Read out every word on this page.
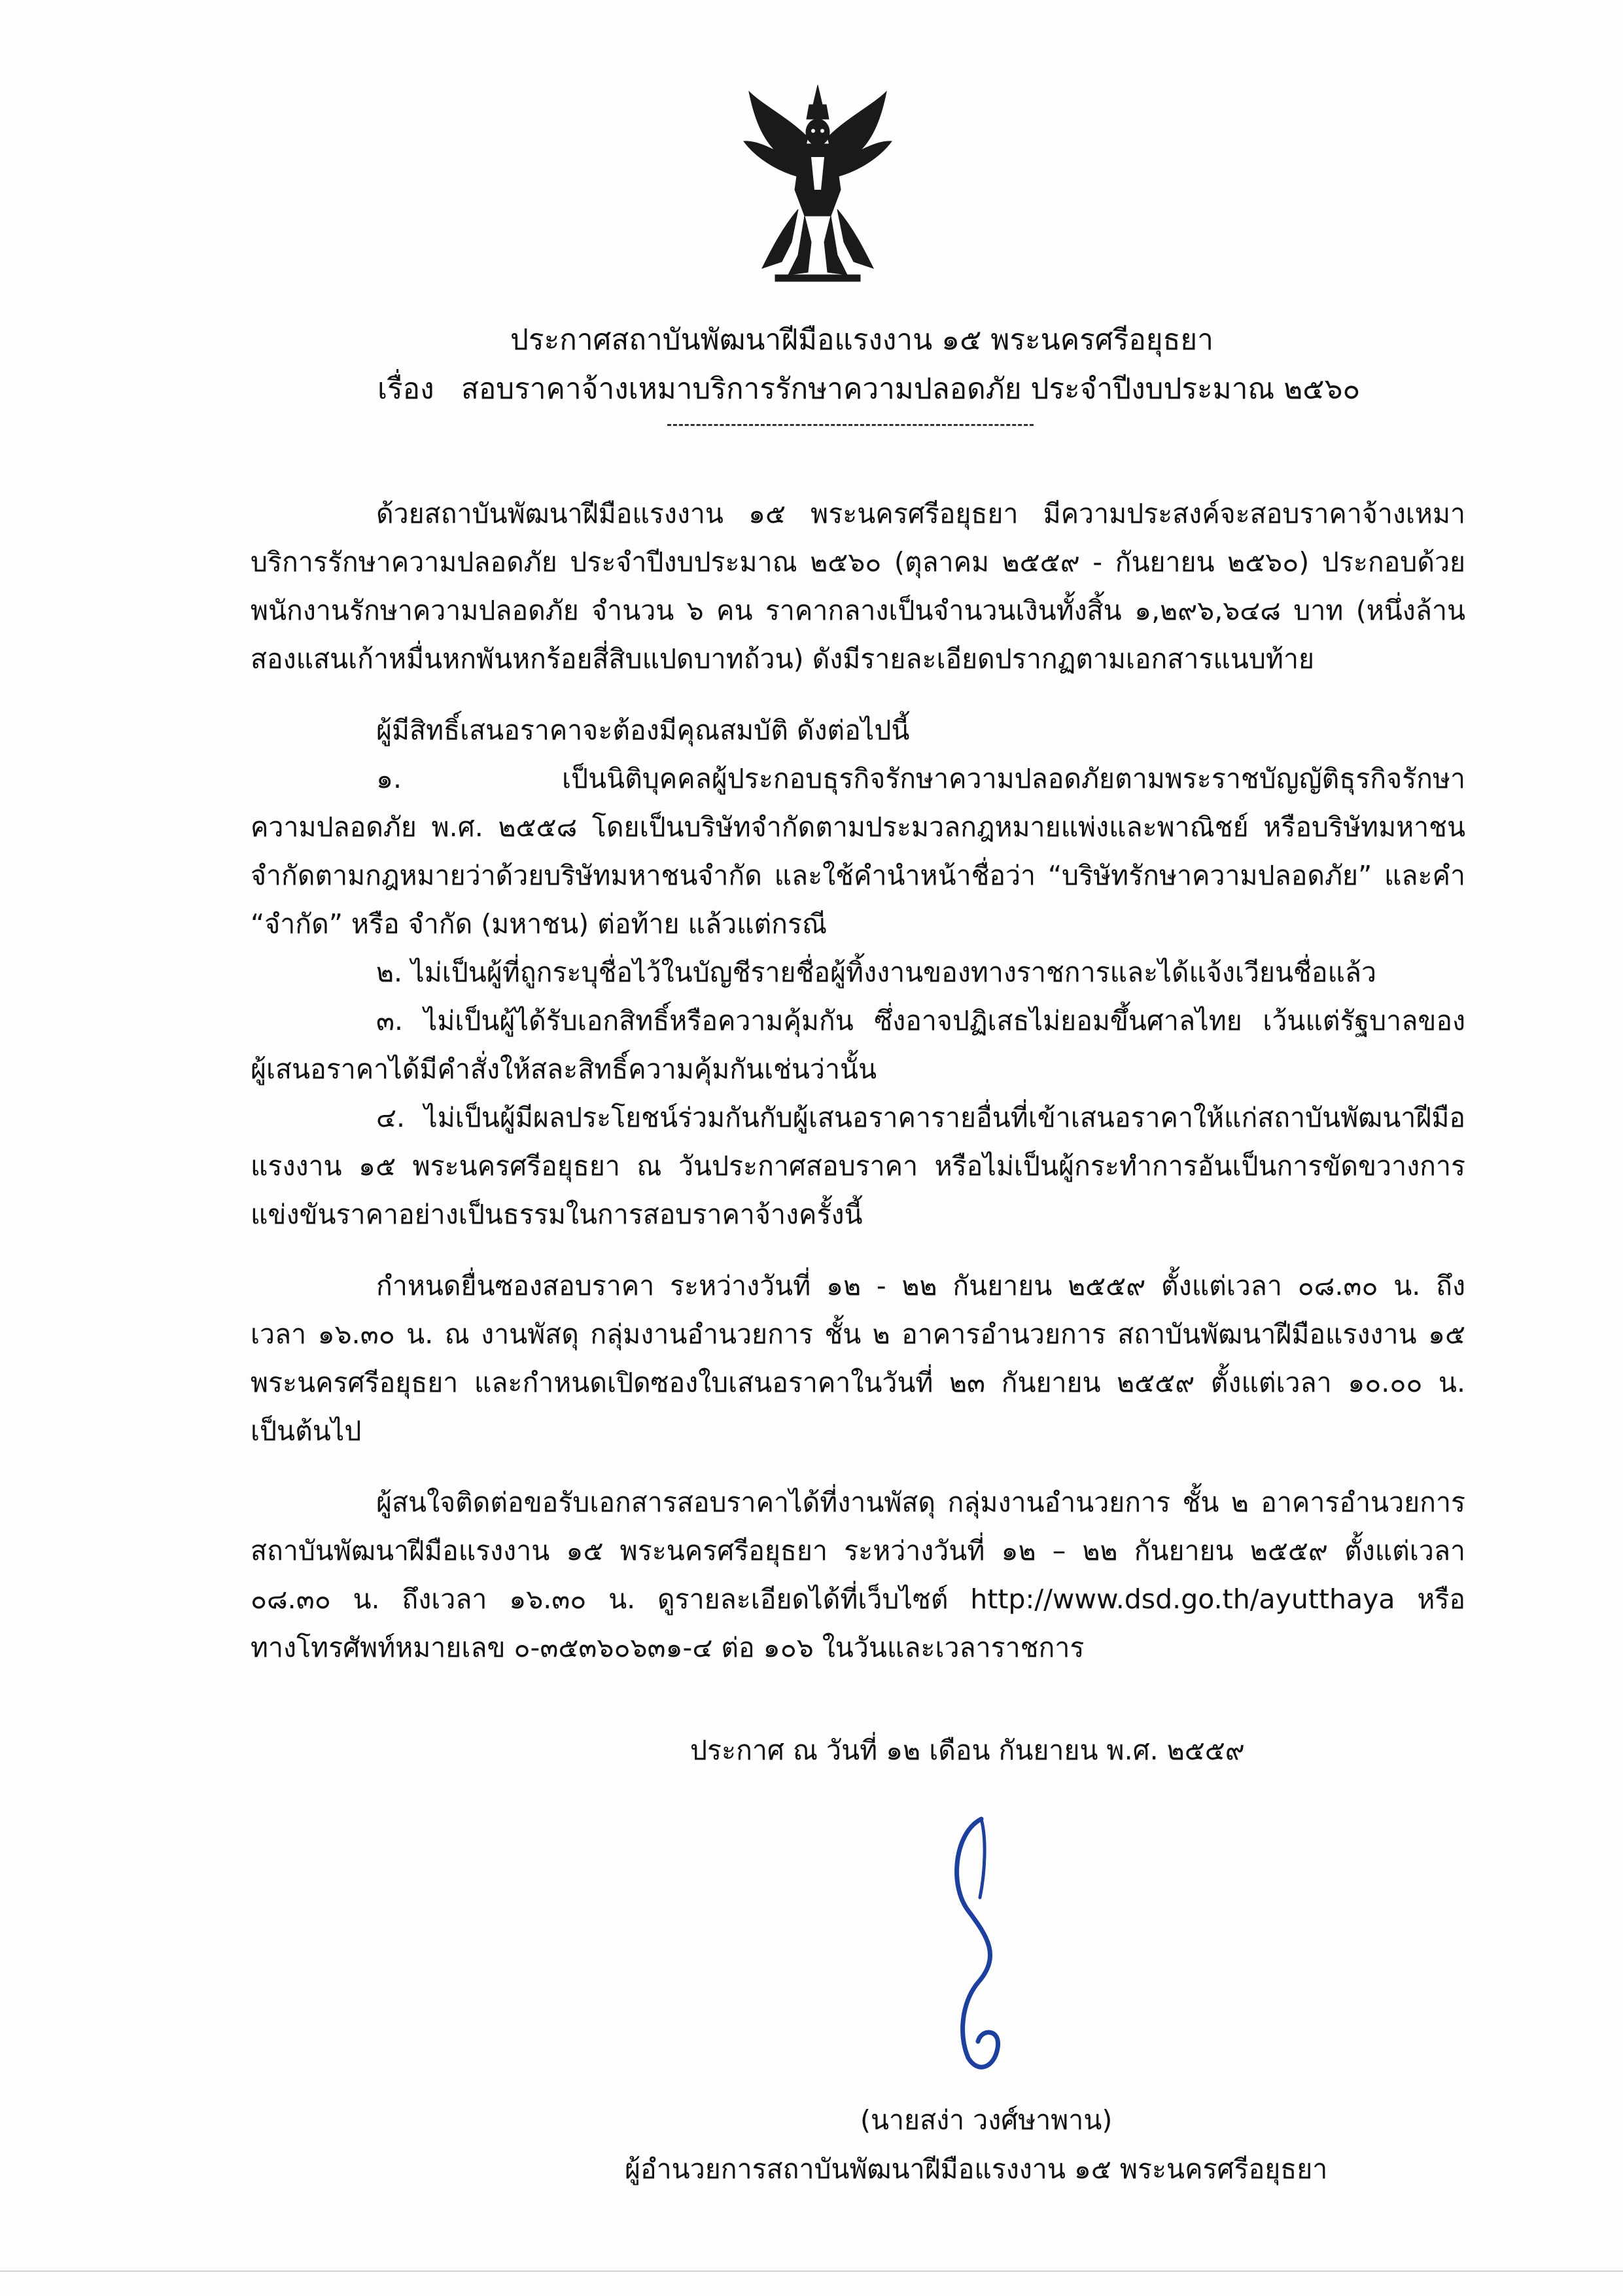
ประกาศสถาบันพัฒนาฝีมือแรงงาน ๑๕ พระนครศรีอยุธยา
เรื่อง สอบราคาจ้างเหมาบริการรักษาความปลอดภัย ประจำปีงบประมาณ ๒๕๖๐
ด้วยสถาบันพัฒนาฝีมือแรงงาน ๑๕ พระนครศรีอยุธยา มีความประสงค์จะสอบราคาจ้างเหมา
บริการรักษาความปลอดภัย ประจำปีงบประมาณ ๒๕๖๐ (ตุลาคม ๒๕๕๙ - กันยายน ๒๕๖๐) ประกอบด้วย
พนักงานรักษาความปลอดภัย จำนวน ๖ คน ราคากลางเป็นจำนวนเงินทั้งสิ้น ๑,๒๙๖,๖๔๘ บาท (หนึ่งล้าน
สองแสนเก้าหมื่นหกพันหกร้อยสี่สิบแปดบาทถ้วน) ดังมีรายละเอียดปรากฏตามเอกสารแนบท้าย
ผู้มีสิทธิ์เสนอราคาจะต้องมีคุณสมบัติ ดังต่อไปนี้
๑. เป็นนิติบุคคลผู้ประกอบธุรกิจรักษาความปลอดภัยตามพระราชบัญญัติธุรกิจรักษา
ความปลอดภัย พ.ศ. ๒๕๕๘ โดยเป็นบริษัทจำกัดตามประมวลกฎหมายแพ่งและพาณิชย์ หรือบริษัทมหาชน
จำกัดตามกฎหมายว่าด้วยบริษัทมหาชนจำกัด และใช้คำนำหน้าชื่อว่า “บริษัทรักษาความปลอดภัย” และคำ
“จำกัด” หรือ จำกัด (มหาชน) ต่อท้าย แล้วแต่กรณี
๒. ไม่เป็นผู้ที่ถูกระบุชื่อไว้ในบัญชีรายชื่อผู้ทิ้งงานของทางราชการและได้แจ้งเวียนชื่อแล้ว
๓. ไม่เป็นผู้ได้รับเอกสิทธิ์หรือความคุ้มกัน ซึ่งอาจปฏิเสธไม่ยอมขึ้นศาลไทย เว้นแต่รัฐบาลของ
ผู้เสนอราคาได้มีคำสั่งให้สละสิทธิ์ความคุ้มกันเช่นว่านั้น
๔. ไม่เป็นผู้มีผลประโยชน์ร่วมกันกับผู้เสนอราคารายอื่นที่เข้าเสนอราคาให้แก่สถาบันพัฒนาฝีมือ
แรงงาน ๑๕ พระนครศรีอยุธยา ณ วันประกาศสอบราคา หรือไม่เป็นผู้กระทำการอันเป็นการขัดขวางการ
แข่งขันราคาอย่างเป็นธรรมในการสอบราคาจ้างครั้งนี้
กำหนดยื่นซองสอบราคา ระหว่างวันที่ ๑๒ - ๒๒ กันยายน ๒๕๕๙ ตั้งแต่เวลา ๐๘.๓๐ น. ถึง
เวลา ๑๖.๓๐ น. ณ งานพัสดุ กลุ่มงานอำนวยการ ชั้น ๒ อาคารอำนวยการ สถาบันพัฒนาฝีมือแรงงาน ๑๕
พระนครศรีอยุธยา และกำหนดเปิดซองใบเสนอราคาในวันที่ ๒๓ กันยายน ๒๕๕๙ ตั้งแต่เวลา ๑๐.๐๐ น.
เป็นต้นไป
ผู้สนใจติดต่อขอรับเอกสารสอบราคาได้ที่งานพัสดุ กลุ่มงานอำนวยการ ชั้น ๒ อาคารอำนวยการ
สถาบันพัฒนาฝีมือแรงงาน ๑๕ พระนครศรีอยุธยา ระหว่างวันที่ ๑๒ – ๒๒ กันยายน ๒๕๕๙ ตั้งแต่เวลา
๐๘.๓๐ น. ถึงเวลา ๑๖.๓๐ น. ดูรายละเอียดได้ที่เว็บไซต์ http://www.dsd.go.th/ayutthaya หรือ
ทางโทรศัพท์หมายเลข ๐-๓๕๓๖๐๖๓๑-๔ ต่อ ๑๐๖ ในวันและเวลาราชการ
ประกาศ ณ วันที่ ๑๒ เดือน กันยายน พ.ศ. ๒๕๕๙
(นายสง่า วงศ์ษาพาน)
ผู้อำนวยการสถาบันพัฒนาฝีมือแรงงาน ๑๕ พระนครศรีอยุธยา
